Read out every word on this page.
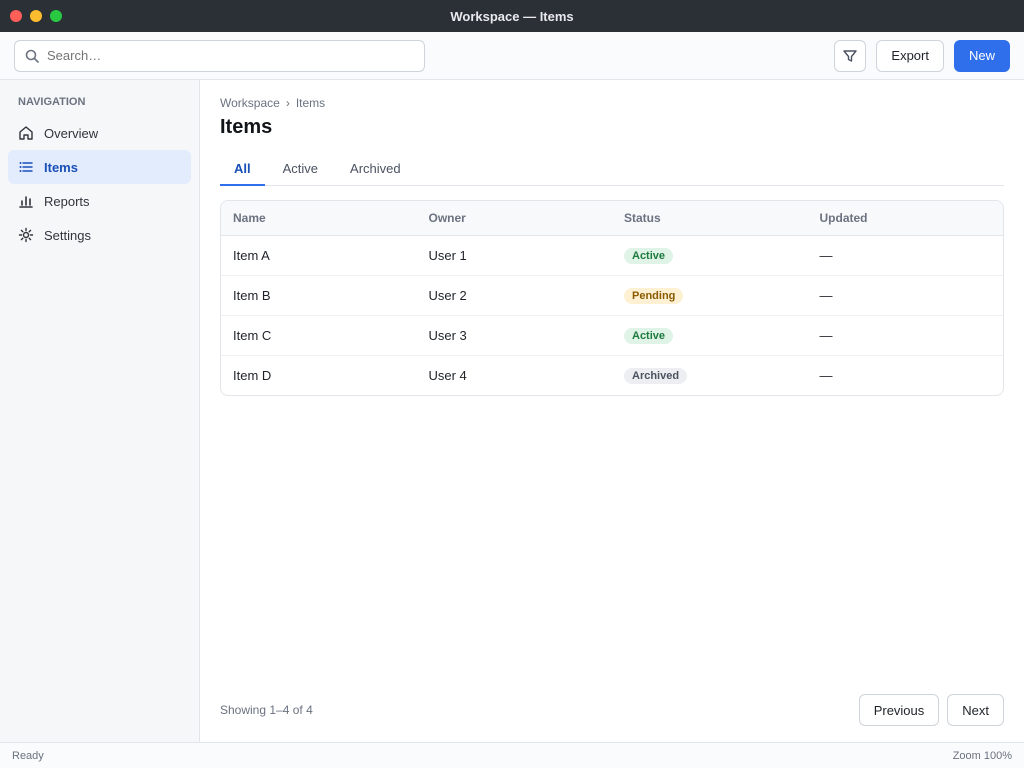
Workspace — Items
Search…
Export	New
NAVIGATION
Overview
Items
Reports
Settings
Workspace › Items
Items
All	Active	Archived
Name	Owner	Status	Updated
Item A	User 1	Active	—
Item B	User 2	Pending	—
Item C	User 3	Active	—
Item D	User 4	Archived	—
Showing 1–4 of 4	Previous	Next
Ready	Zoom 100%
